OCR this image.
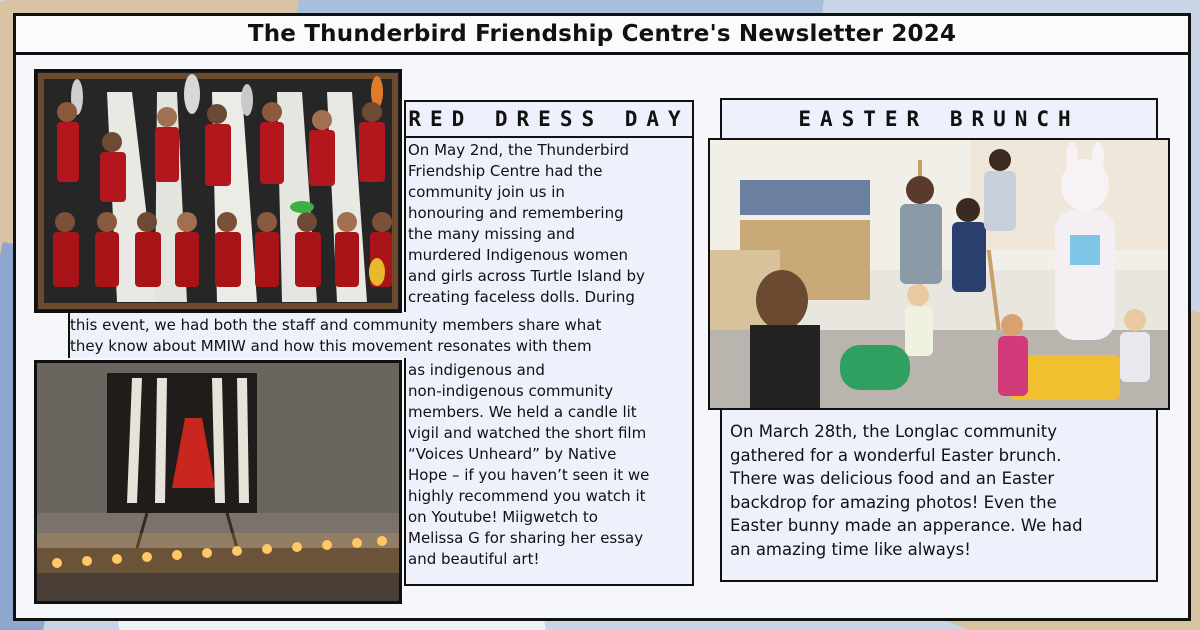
The Thunderbird Friendship Centre's Newsletter 2024
RED DRESS DAY
On May 2nd, the Thunderbird
Friendship Centre had the
community join us in
honouring and remembering
the many missing and
murdered Indigenous women
and girls across Turtle Island by
creating faceless dolls. During
this event, we had both the staff and community members share what
they know about MMIW and how this movement resonates with them
as indigenous and
non-indigenous community
members. We held a candle lit
vigil and watched the short film
“Voices Unheard” by Native
Hope – if you haven’t seen it we
highly recommend you watch it
on Youtube! Miigwetch to
Melissa G for sharing her essay
and beautiful art!
EASTER BRUNCH
On March 28th, the Longlac community
gathered for a wonderful Easter brunch.
There was delicious food and an Easter
backdrop for amazing photos! Even the
Easter bunny made an apperance. We had
an amazing time like always!
